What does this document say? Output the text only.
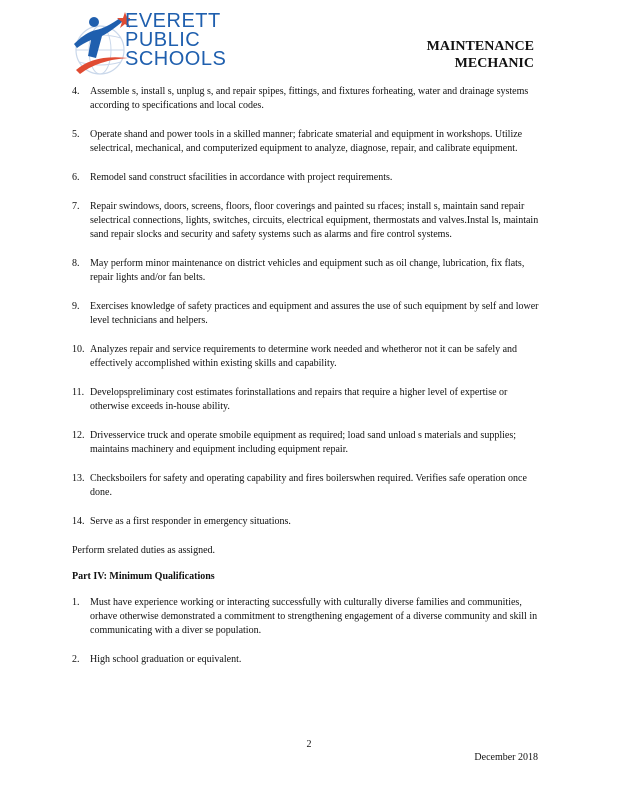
EVERETT
PUBLIC
SCHOOLS
MAINTENANCE
MECHANIC
4.	Assemble s, install s, unplug s, and repair spipes, fittings, and fixtures forheating, water and drainage systems according to specifications and local codes.
5.	Operate shand and power tools in a skilled manner; fabricate smaterial and equipment in workshops. Utilize selectrical, mechanical, and computerized equipment to analyze, diagnose, repair, and calibrate equipment.
6.	Remodel sand construct sfacilities in accordance with project requirements.
7.	Repair swindows, doors, screens, floors, floor coverings and painted su rfaces; install s, maintain sand repair selectrical connections, lights, switches, circuits, electrical equipment, thermostats and valves.Instal ls, maintain sand repair slocks and security and safety systems such as alarms and fire control systems.
8.	May perform minor maintenance on district vehicles and equipment such as oil change, lubrication, fix flats, repair lights and/or fan belts.
9.	Exercises knowledge of safety practices and equipment and assures the use of such equipment by self and lower level technicians and helpers.
10. Analyzes repair and service requirements to determine work needed and whetheror not it can be safely and effectively accomplished within existing skills and capability.
11. Developspreliminary cost estimates forinstallations and repairs that require a higher level of expertise or otherwise exceeds in-house ability.
12. Drivesservice truck and operate smobile equipment as required; load sand unload s materials and supplies; maintains machinery and equipment including equipment repair.
13. Checksboilers for safety and operating capability and fires boilerswhen required. Verifies safe operation once done.
14. Serve as a first responder in emergency situations.
Perform srelated duties as assigned.
Part IV: Minimum Qualifications
1.	Must have experience working or interacting successfully with culturally diverse families and communities, orhave otherwise demonstrated a commitment to strengthening engagement of a diverse community and skill in communicating with a diver se population.
2.	High school graduation or equivalent.
2
December 2018
